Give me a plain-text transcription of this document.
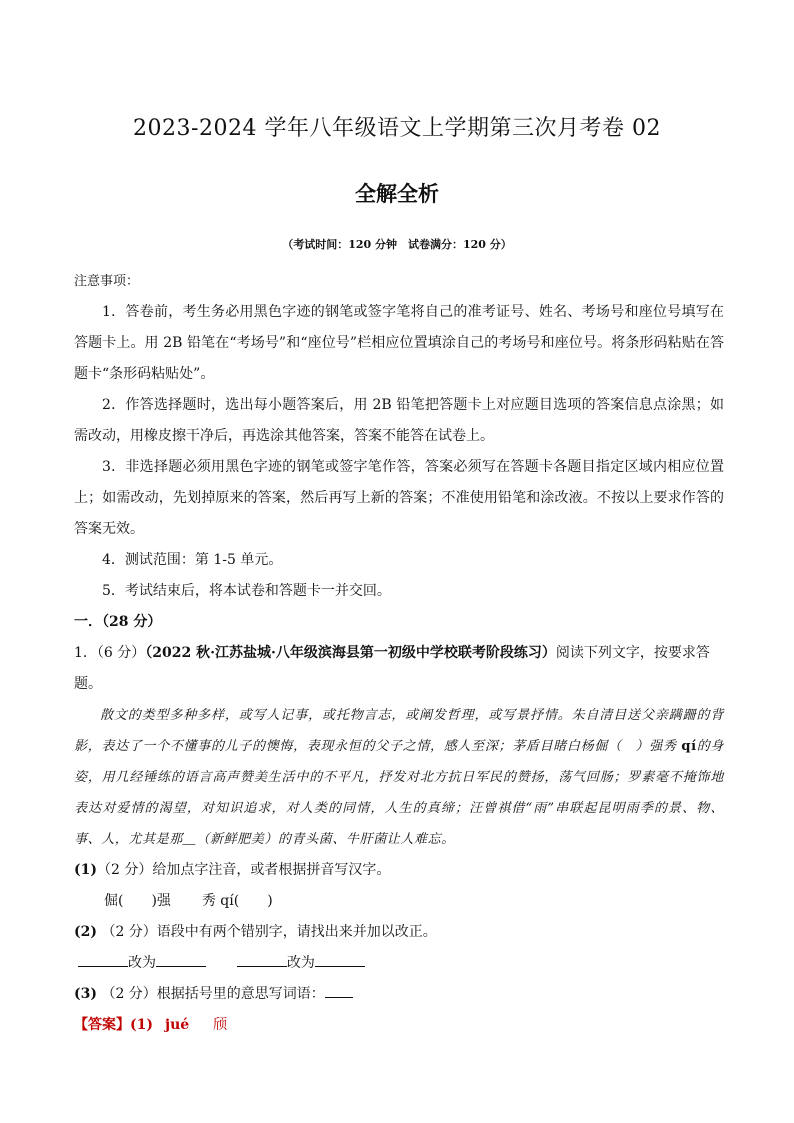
2023-2024 学年八年级语文上学期第三次月考卷 02
全解全析
（考试时间：120 分钟　试卷满分：120 分）

注意事项：

1．答卷前，考生务必用黑色字迹的钢笔或签字笔将自己的准考证号、姓名、考场号和座位号填写在答题卡上。用 2B 铅笔在“考场号”和“座位号”栏相应位置填涂自己的考场号和座位号。将条形码粘贴在答题卡“条形码粘贴处”。

2．作答选择题时，选出每小题答案后，用 2B 铅笔把答题卡上对应题目选项的答案信息点涂黑；如需改动，用橡皮擦干净后，再选涂其他答案，答案不能答在试卷上。

3．非选择题必须用黑色字迹的钢笔或签字笔作答，答案必须写在答题卡各题目指定区域内相应位置上；如需改动，先划掉原来的答案，然后再写上新的答案；不准使用铅笔和涂改液。不按以上要求作答的答案无效。

4．测试范围：第 1-5 单元。

5．考试结束后，将本试卷和答题卡一并交回。

一．（28 分）

1．（6 分）（2022 秋·江苏盐城·八年级滨海县第一初级中学校联考阶段练习）阅读下列文字，按要求答题。

散文的类型多种多样，或写人记事，或托物言志，或阐发哲理，或写景抒情。朱自清目送父亲蹒跚的背影，表达了一个不懂事的儿子的懊悔，表现永恒的父子之情，感人至深；茅盾目睹白杨倔（　）强秀 qí的身姿，用几经锤练的语言高声赞美生活中的不平凡，抒发对北方抗日军民的赞扬，荡气回肠；罗素毫不掩饰地表达对爱情的渴望，对知识追求，对人类的同情，人生的真缔；汪曾祺借“雨”串联起昆明雨季的景、物、事、人，尤其是那＿（新鲜肥美）的青头菌、牛肝菌让人难忘。

(1)（2 分）给加点字注音，或者根据拼音写汉字。

倔(　　)强 秀 qí(　　)

(2) （2 分）语段中有两个错别字，请找出来并加以改正。

改为	改为

(3) （2 分）根据括号里的意思写词语：

【答案】(1) jué 颀
